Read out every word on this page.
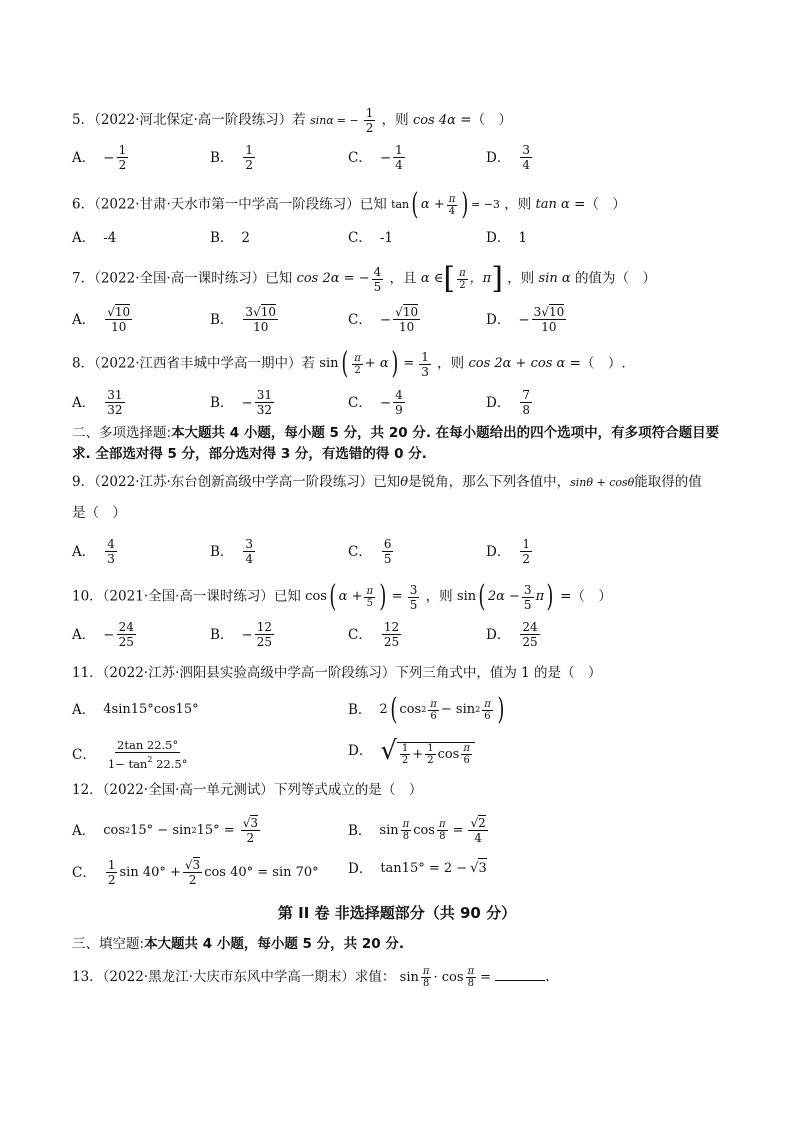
5．（2022·河北保定·高一阶段练习）若 sinα = − $\frac{1}{2}$ ，则 cos 4α =（　）
A． − $\frac{1}{2}$	B． $\frac{1}{2}$	C． − $\frac{1}{4}$	D． $\frac{3}{4}$
6．（2022·甘肃·天水市第一中学高一阶段练习）已知 tan ( $\alpha + \frac{\pi}{4}$ ) = −3 ，则 tan α =（　）
A． -4	B． 2	C． -1	D． 1
7．（2022·全国·高一课时练习）已知 cos 2α = − $\frac{4}{5}$ ，且 α ∈ [ $\frac{\pi}{2}$ ，π ] ，则 sin α 的值为（　）
A． $\frac{√10}{10}$	B． $\frac{3√10}{10}$	C． − $\frac{√10}{10}$	D． − $\frac{3√10}{10}$
8．（2022·江西省丰城中学高一期中）若 sin ( $\frac{\pi}{2} + \alpha$ ) = $\frac{1}{3}$ ，则 cos 2α + cos α =（　）.
A． $\frac{31}{32}$	B． − $\frac{31}{32}$	C． − $\frac{4}{9}$	D． $\frac{7}{8}$
二、多项选择题:本大题共 4 小题，每小题 5 分，共 20 分. 在每小题给出的四个选项中，有多项符合题目要求. 全部选对得 5 分，部分选对得 3 分，有选错的得 0 分.
9．（2022·江苏·东台创新高级中学高一阶段练习）已知θ是锐角，那么下列各值中，sinθ + cosθ能取得的值
是（　）
A． $\frac{4}{3}$	B． $\frac{3}{4}$	C． $\frac{6}{5}$	D． $\frac{1}{2}$
10．（2021·全国·高一课时练习）已知 cos ( $\alpha + \frac{\pi}{5}$ ) = $\frac{3}{5}$ ，则 sin ( $2\alpha - \frac{3}{5}$ π ) =（　）
A． − $\frac{24}{25}$	B． − $\frac{12}{25}$	C． $\frac{12}{25}$	D． $\frac{24}{25}$
11．（2022·江苏·泗阳县实验高级中学高一阶段练习）下列三角式中，值为 1 的是（　）
A． 4sin15°cos15°	B． 2 ( $\cos 2 \frac{\pi}{6} - \sin 2 \frac{\pi}{6}$ )
C． $\frac{2\tan 22.5^\circ}{1- \tan^2 22.5^\circ}$	D． √ $\frac{1}{2} + \frac{1}{2}$ $\cos \frac{\pi}{6}$
12．（2022·全国·高一单元测试）下列等式成立的是（　）
A． cos 2 15° − sin 2 $15^\circ = \frac{√3}{2}$	B． $\sin \frac{\pi}{8}$ $\cos \frac{\pi}{8} = \frac{√2}{4}$
C． $\frac{1}{2}$ $\sin 40^\circ + \frac{√3}{2}$ cos 40° = sin 70° D． tan15° = 2 − √ 3
第 II 卷 非选择题部分（共 90 分）
三、填空题:本大题共 4 小题，每小题 5 分，共 20 分.
13．（2022·黑龙江·大庆市东风中学高一期末）求值： $\sin \frac{\pi}{8} \cdot \cos \frac{\pi}{8}$ =	.
